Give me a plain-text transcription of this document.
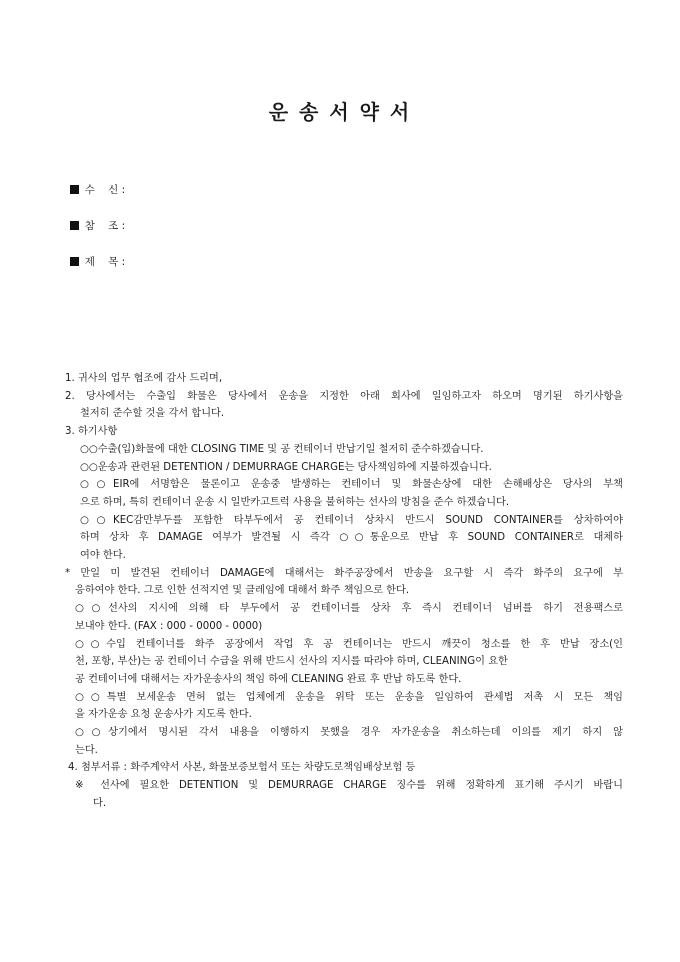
운 송 서 약 서

수    신 :

참    조 :

제    목 :

1. 귀사의 업무 협조에 감사 드리며,
2. 당사에서는 수출입 화물은 당사에서 운송을 지정한 아래 회사에 일임하고자 하오며 명기된 하기사항을
철저히 준수할 것을 각서 합니다.
3. 하기사항
○○수출(입)화물에 대한 CLOSING TIME 및 공 컨테이너 반납기일 철저히 준수하겠습니다.
○○운송과 관련된 DETENTION / DEMURRAGE CHARGE는 당사책임하에 지불하겠습니다.
○○EIR에 서명함은 물론이고 운송중 발생하는 컨테이너 및 화물손상에 대한 손해배상은 당사의 부책
으로 하며, 특히 컨테이너 운송 시 일반카고트럭 사용을 불허하는 선사의 방침을 준수 하겠습니다.
○○KEC감만부두를 포함한 타부두에서 공 컨테이너 상차시 반드시 SOUND CONTAINER를 상차하여야
하며 상차 후 DAMAGE 여부가 발견될 시 즉각 ○○통운으로 반납 후 SOUND CONTAINER로 대체하
여야 한다.
* 만일 미 발견된 컨테이너 DAMAGE에 대해서는 화주공장에서 반송을 요구할 시 즉각 화주의 요구에 부
응하여야 한다. 그로 인한 선적지연 및 클레임에 대해서 화주 책임으로 한다.
○○선사의 지시에 의해 타 부두에서 공 컨테이너를 상차 후 즉시 컨테이너 넘버를 하기 전용팩스로
보내야 한다. (FAX : 000 - 0000 - 0000)
○○수입 컨테이너를 화주 공장에서 작업 후 공 컨테이너는 반드시 깨끗이 청소를 한 후 반납 장소(인
천, 포항, 부산)는 공 컨테이너 수급을 위해 반드시 선사의 지시를 따라야 하며, CLEANING이 요한
공 컨테이너에 대해서는 자가운송사의 책임 하에 CLEANING 완료 후 반납 하도록 한다.
○○특별 보세운송 면허 없는 업체에게 운송을 위탁 또는 운송을 일임하여 관세법 저촉 시 모든 책임
을 자가운송 요청 운송사가 지도록 한다.
○○상기에서 명시된 각서 내용을 이행하지 못했을 경우 자가운송을 취소하는데 이의를 제기 하지 않
는다.
4. 첨부서류 : 화주계약서 사본, 화물보증보험서 또는 차량도로책임배상보험 등
※ 선사에 필요한 DETENTION 및 DEMURRAGE CHARGE 징수를 위해 정확하게 표기해 주시기 바랍니
다.
